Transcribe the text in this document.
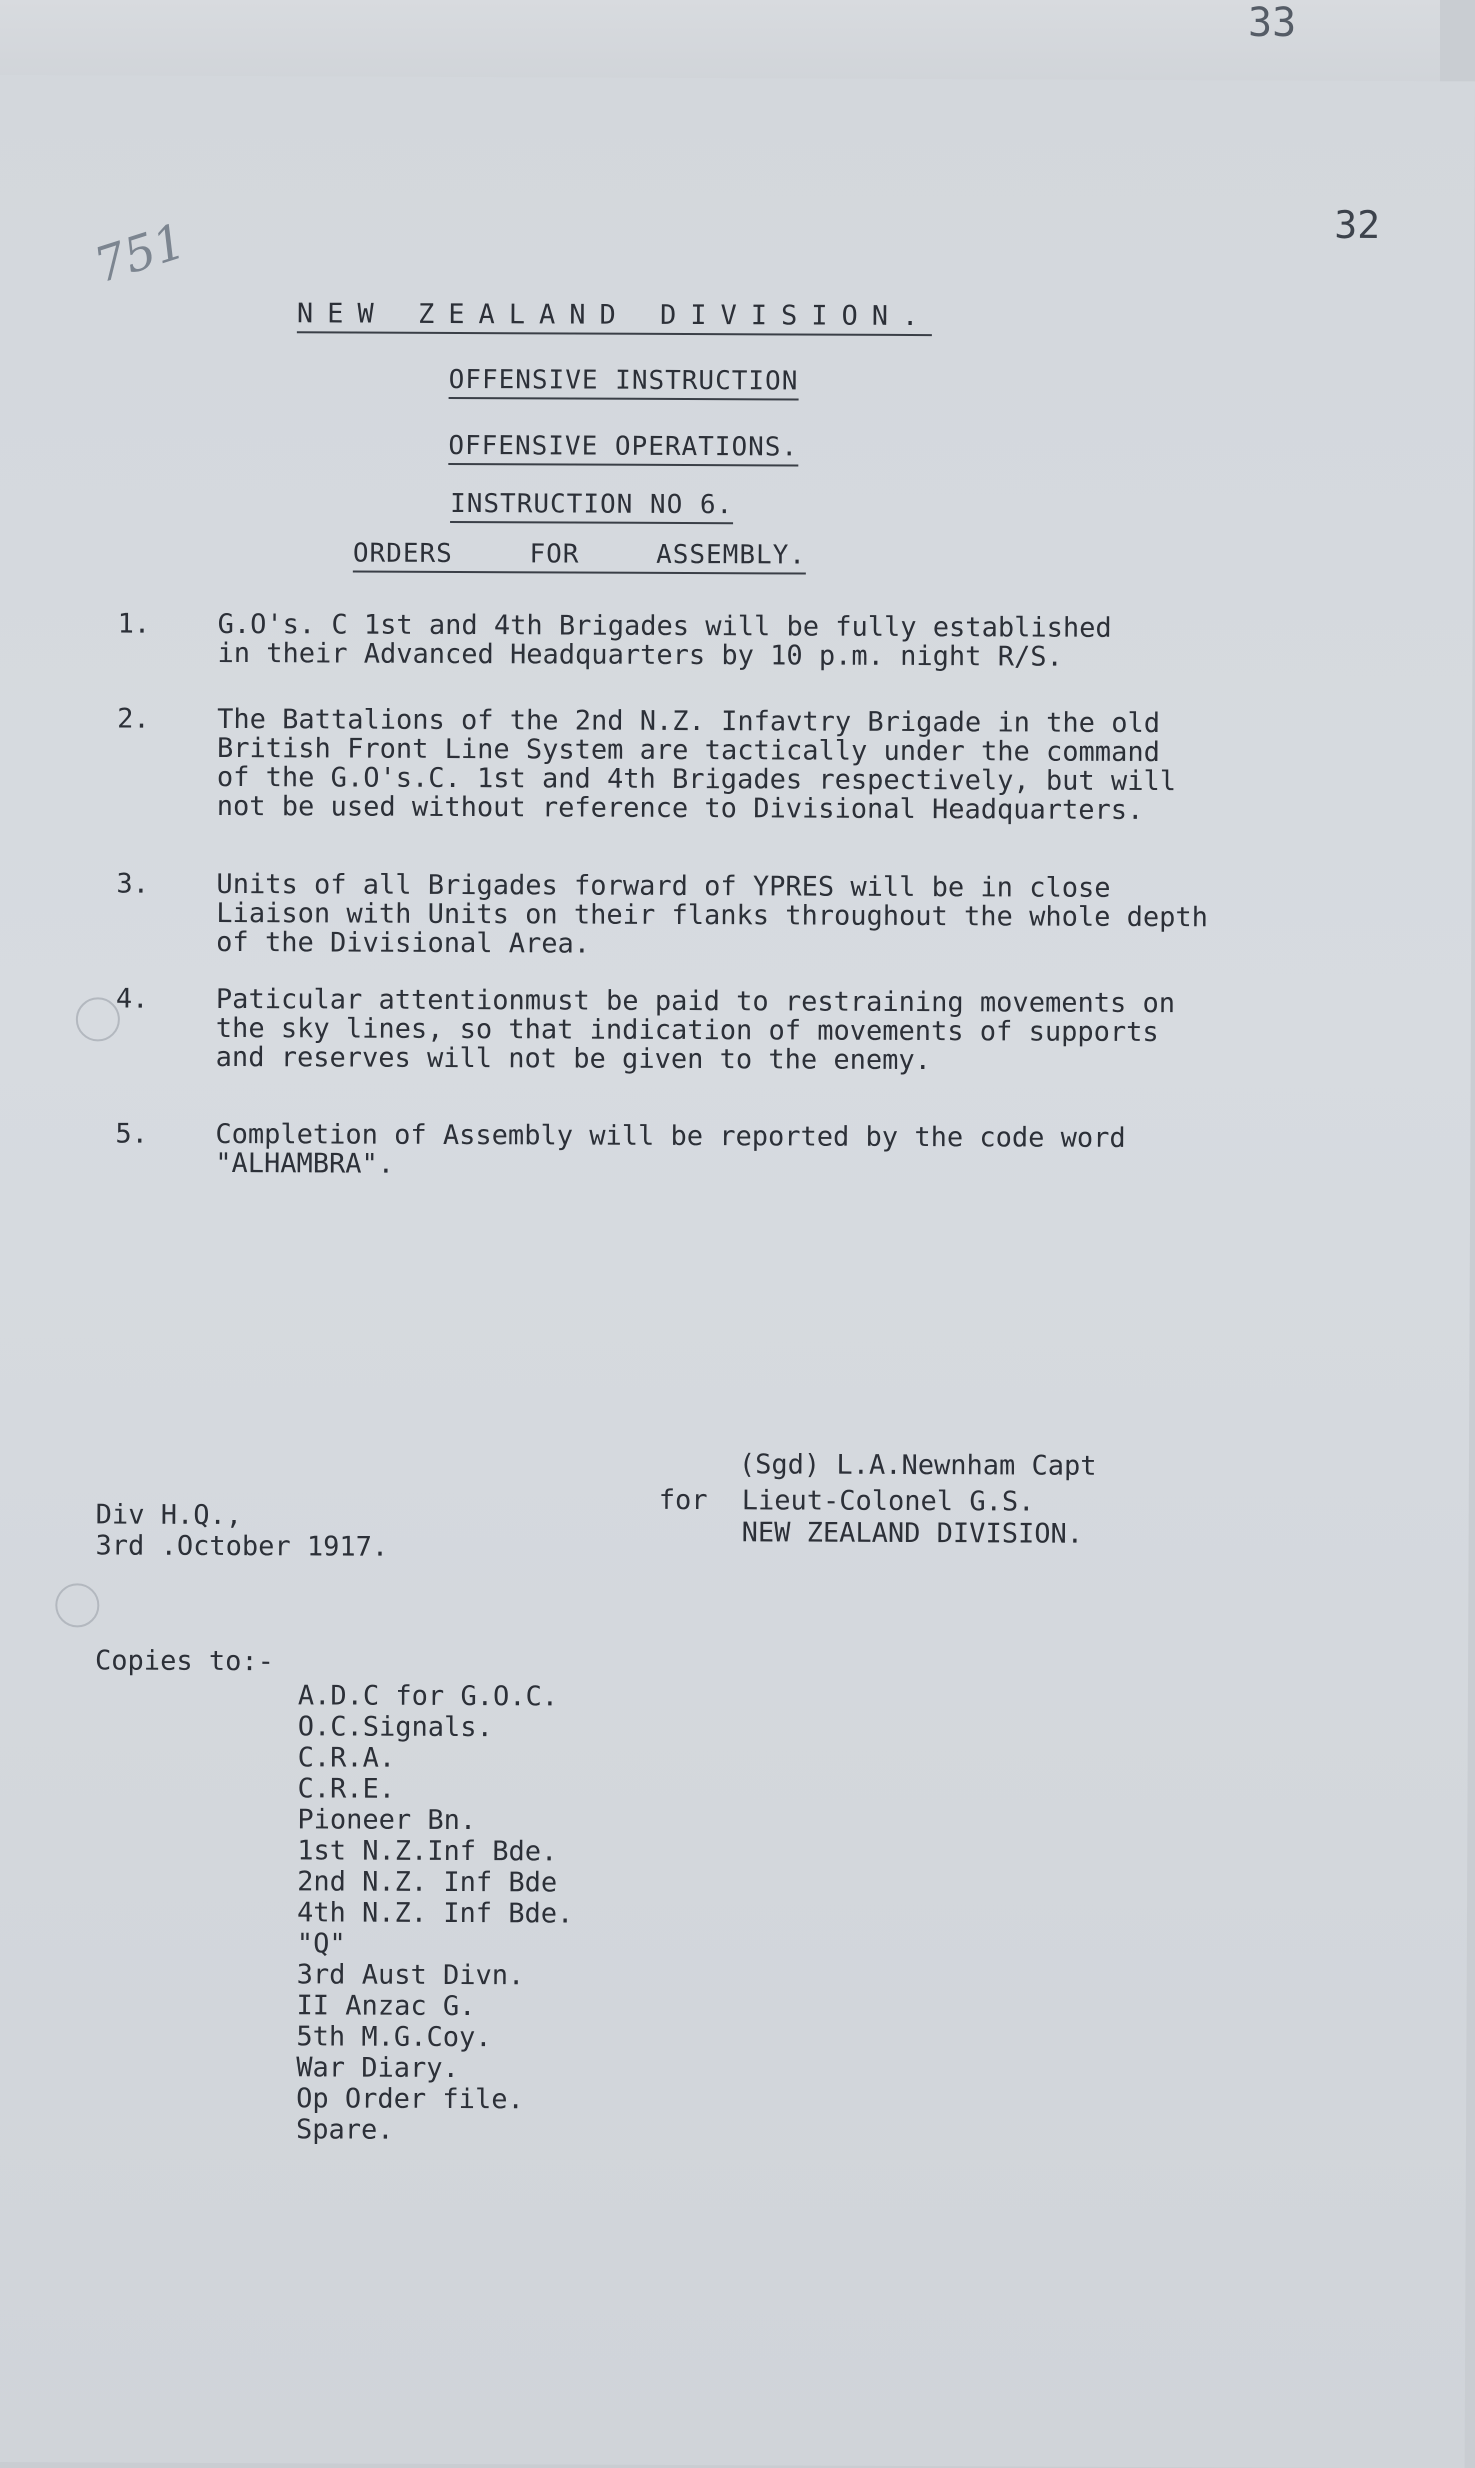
33
32
751
NEW ZEALAND DIVISION.
OFFENSIVE INSTRUCTION
OFFENSIVE OPERATIONS.
INSTRUCTION NO 6.
ORDERS FOR ASSEMBLY.
1. G.O's. C 1st and 4th Brigades will be fully established
in their Advanced Headquarters by 10 p.m. night R/S.
2. The Battalions of the 2nd N.Z. Infavtry Brigade in the old
British Front Line System are tactically under the command
of the G.O's.C. 1st and 4th Brigades respectively, but will
not be used without reference to Divisional Headquarters.
3. Units of all Brigades forward of YPRES will be in close
Liaison with Units on their flanks throughout the whole depth
of the Divisional Area.
4. Paticular attentionmust be paid to restraining movements on
the sky lines, so that indication of movements of supports
and reserves will not be given to the enemy.
5. Completion of Assembly will be reported by the code word
"ALHAMBRA".
(Sgd) L.A.Newnham Capt
for Lieut-Colonel G.S.
NEW ZEALAND DIVISION.
Div H.Q.,
3rd .October 1917.
Copies to:-
A.D.C for G.O.C.
O.C.Signals.
C.R.A.
C.R.E.
Pioneer Bn.
1st N.Z.Inf Bde.
2nd N.Z. Inf Bde
4th N.Z. Inf Bde.
"Q"
3rd Aust Divn.
II Anzac G.
5th M.G.Coy.
War Diary.
Op Order file.
Spare.
